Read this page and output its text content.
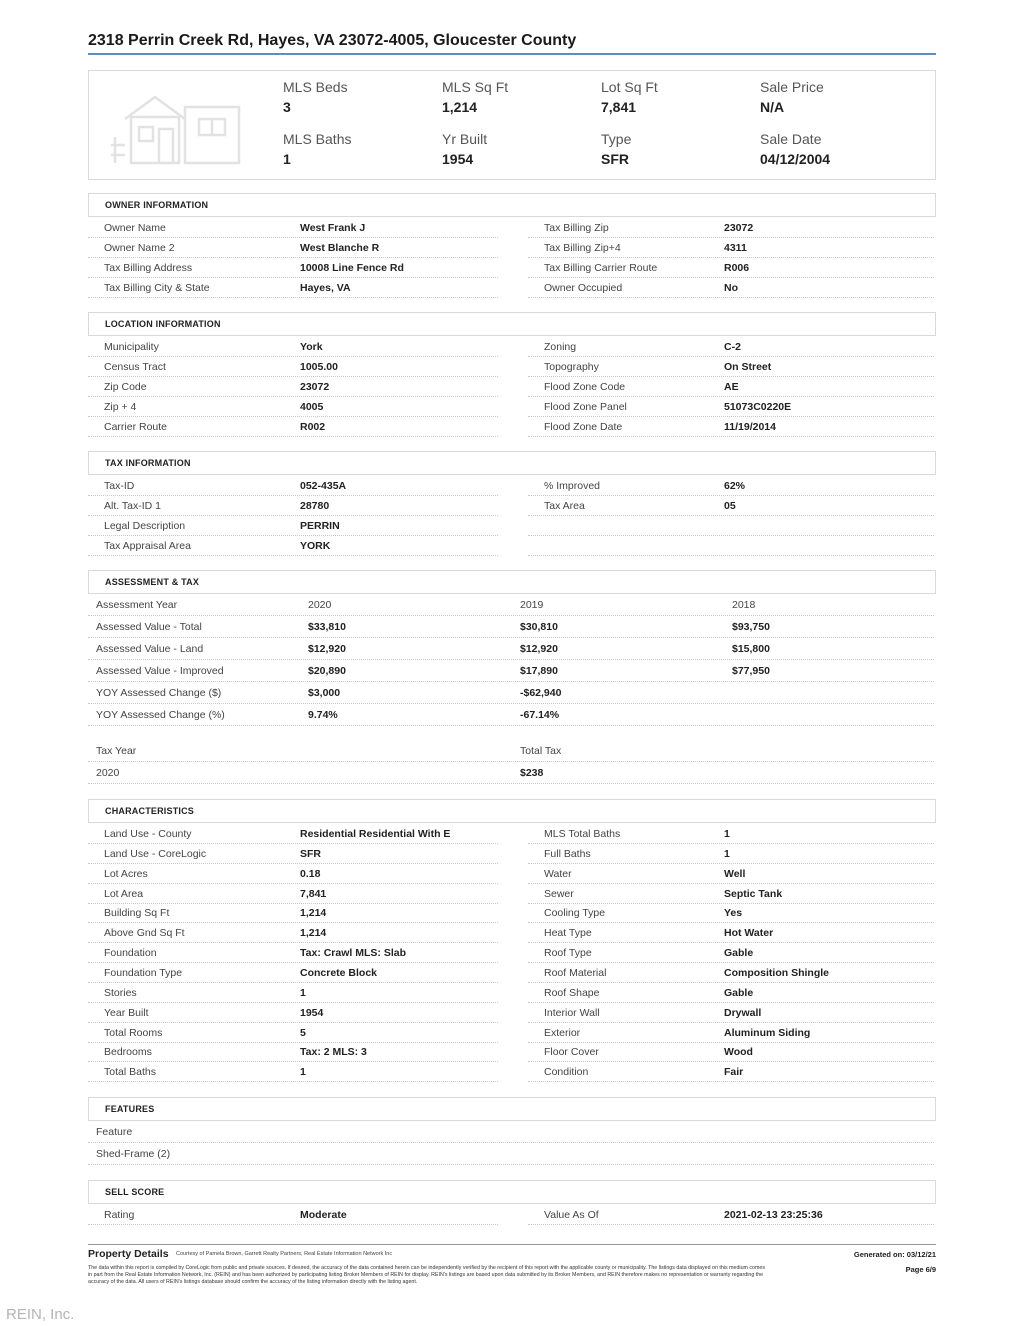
2318 Perrin Creek Rd, Hayes, VA 23072-4005, Gloucester County
MLS Beds
3
MLS Sq Ft
1,214
Lot Sq Ft
7,841
Sale Price
N/A
MLS Baths
1
Yr Built
1954
Type
SFR
Sale Date
04/12/2004
OWNER INFORMATION
Owner Name	West Frank J	Tax Billing Zip	23072
Owner Name 2	West Blanche R	Tax Billing Zip+4	4311
Tax Billing Address	10008 Line Fence Rd	Tax Billing Carrier Route	R006
Tax Billing City & State	Hayes, VA	Owner Occupied	No
LOCATION INFORMATION
Municipality	York	Zoning	C-2
Census Tract	1005.00	Topography	On Street
Zip Code	23072	Flood Zone Code	AE
Zip + 4	4005	Flood Zone Panel	51073C0220E
Carrier Route	R002	Flood Zone Date	11/19/2014
TAX INFORMATION
Tax-ID	052-435A	% Improved	62%
Alt. Tax-ID 1	28780	Tax Area	05
Legal Description	PERRIN
Tax Appraisal Area	YORK
ASSESSMENT & TAX
Assessment Year	2020	2019	2018
Assessed Value - Total	$33,810	$30,810	$93,750
Assessed Value - Land	$12,920	$12,920	$15,800
Assessed Value - Improved	$20,890	$17,890	$77,950
YOY Assessed Change ($)	$3,000	-$62,940
YOY Assessed Change (%)	9.74%	-67.14%
Tax Year	Total Tax
2020	$238
CHARACTERISTICS
Land Use - County	Residential Residential With E	MLS Total Baths	1
Land Use - CoreLogic	SFR	Full Baths	1
Lot Acres	0.18	Water	Well
Lot Area	7,841	Sewer	Septic Tank
Building Sq Ft	1,214	Cooling Type	Yes
Above Gnd Sq Ft	1,214	Heat Type	Hot Water
Foundation	Tax: Crawl MLS: Slab	Roof Type	Gable
Foundation Type	Concrete Block	Roof Material	Composition Shingle
Stories	1	Roof Shape	Gable
Year Built	1954	Interior Wall	Drywall
Total Rooms	5	Exterior	Aluminum Siding
Bedrooms	Tax: 2 MLS: 3	Floor Cover	Wood
Total Baths	1	Condition	Fair
FEATURES
Feature
Shed-Frame (2)
SELL SCORE
Rating	Moderate	Value As Of	2021-02-13 23:25:36
Property Details Courtesy of Pamela Brown, Garrett Realty Partners, Real Estate Information Network Inc	Generated on: 03/12/21
Page 6/9
The data within this report is compiled by CoreLogic from public and private sources. If desired, the accuracy of the data contained herein can be independently verified by the recipient of this report with the applicable county or municipality. The listings data displayed on this medium comes in part from the Real Estate Information Network, Inc. (REIN) and has been authorized by participating listing Broker Members of REIN for display. REIN's listings are based upon data submitted by its Broker Members, and REIN therefore makes no representation or warranty regarding the accuracy of the data. All users of REIN's listings database should confirm the accuracy of the listing information directly with the listing agent.
REIN, Inc.
